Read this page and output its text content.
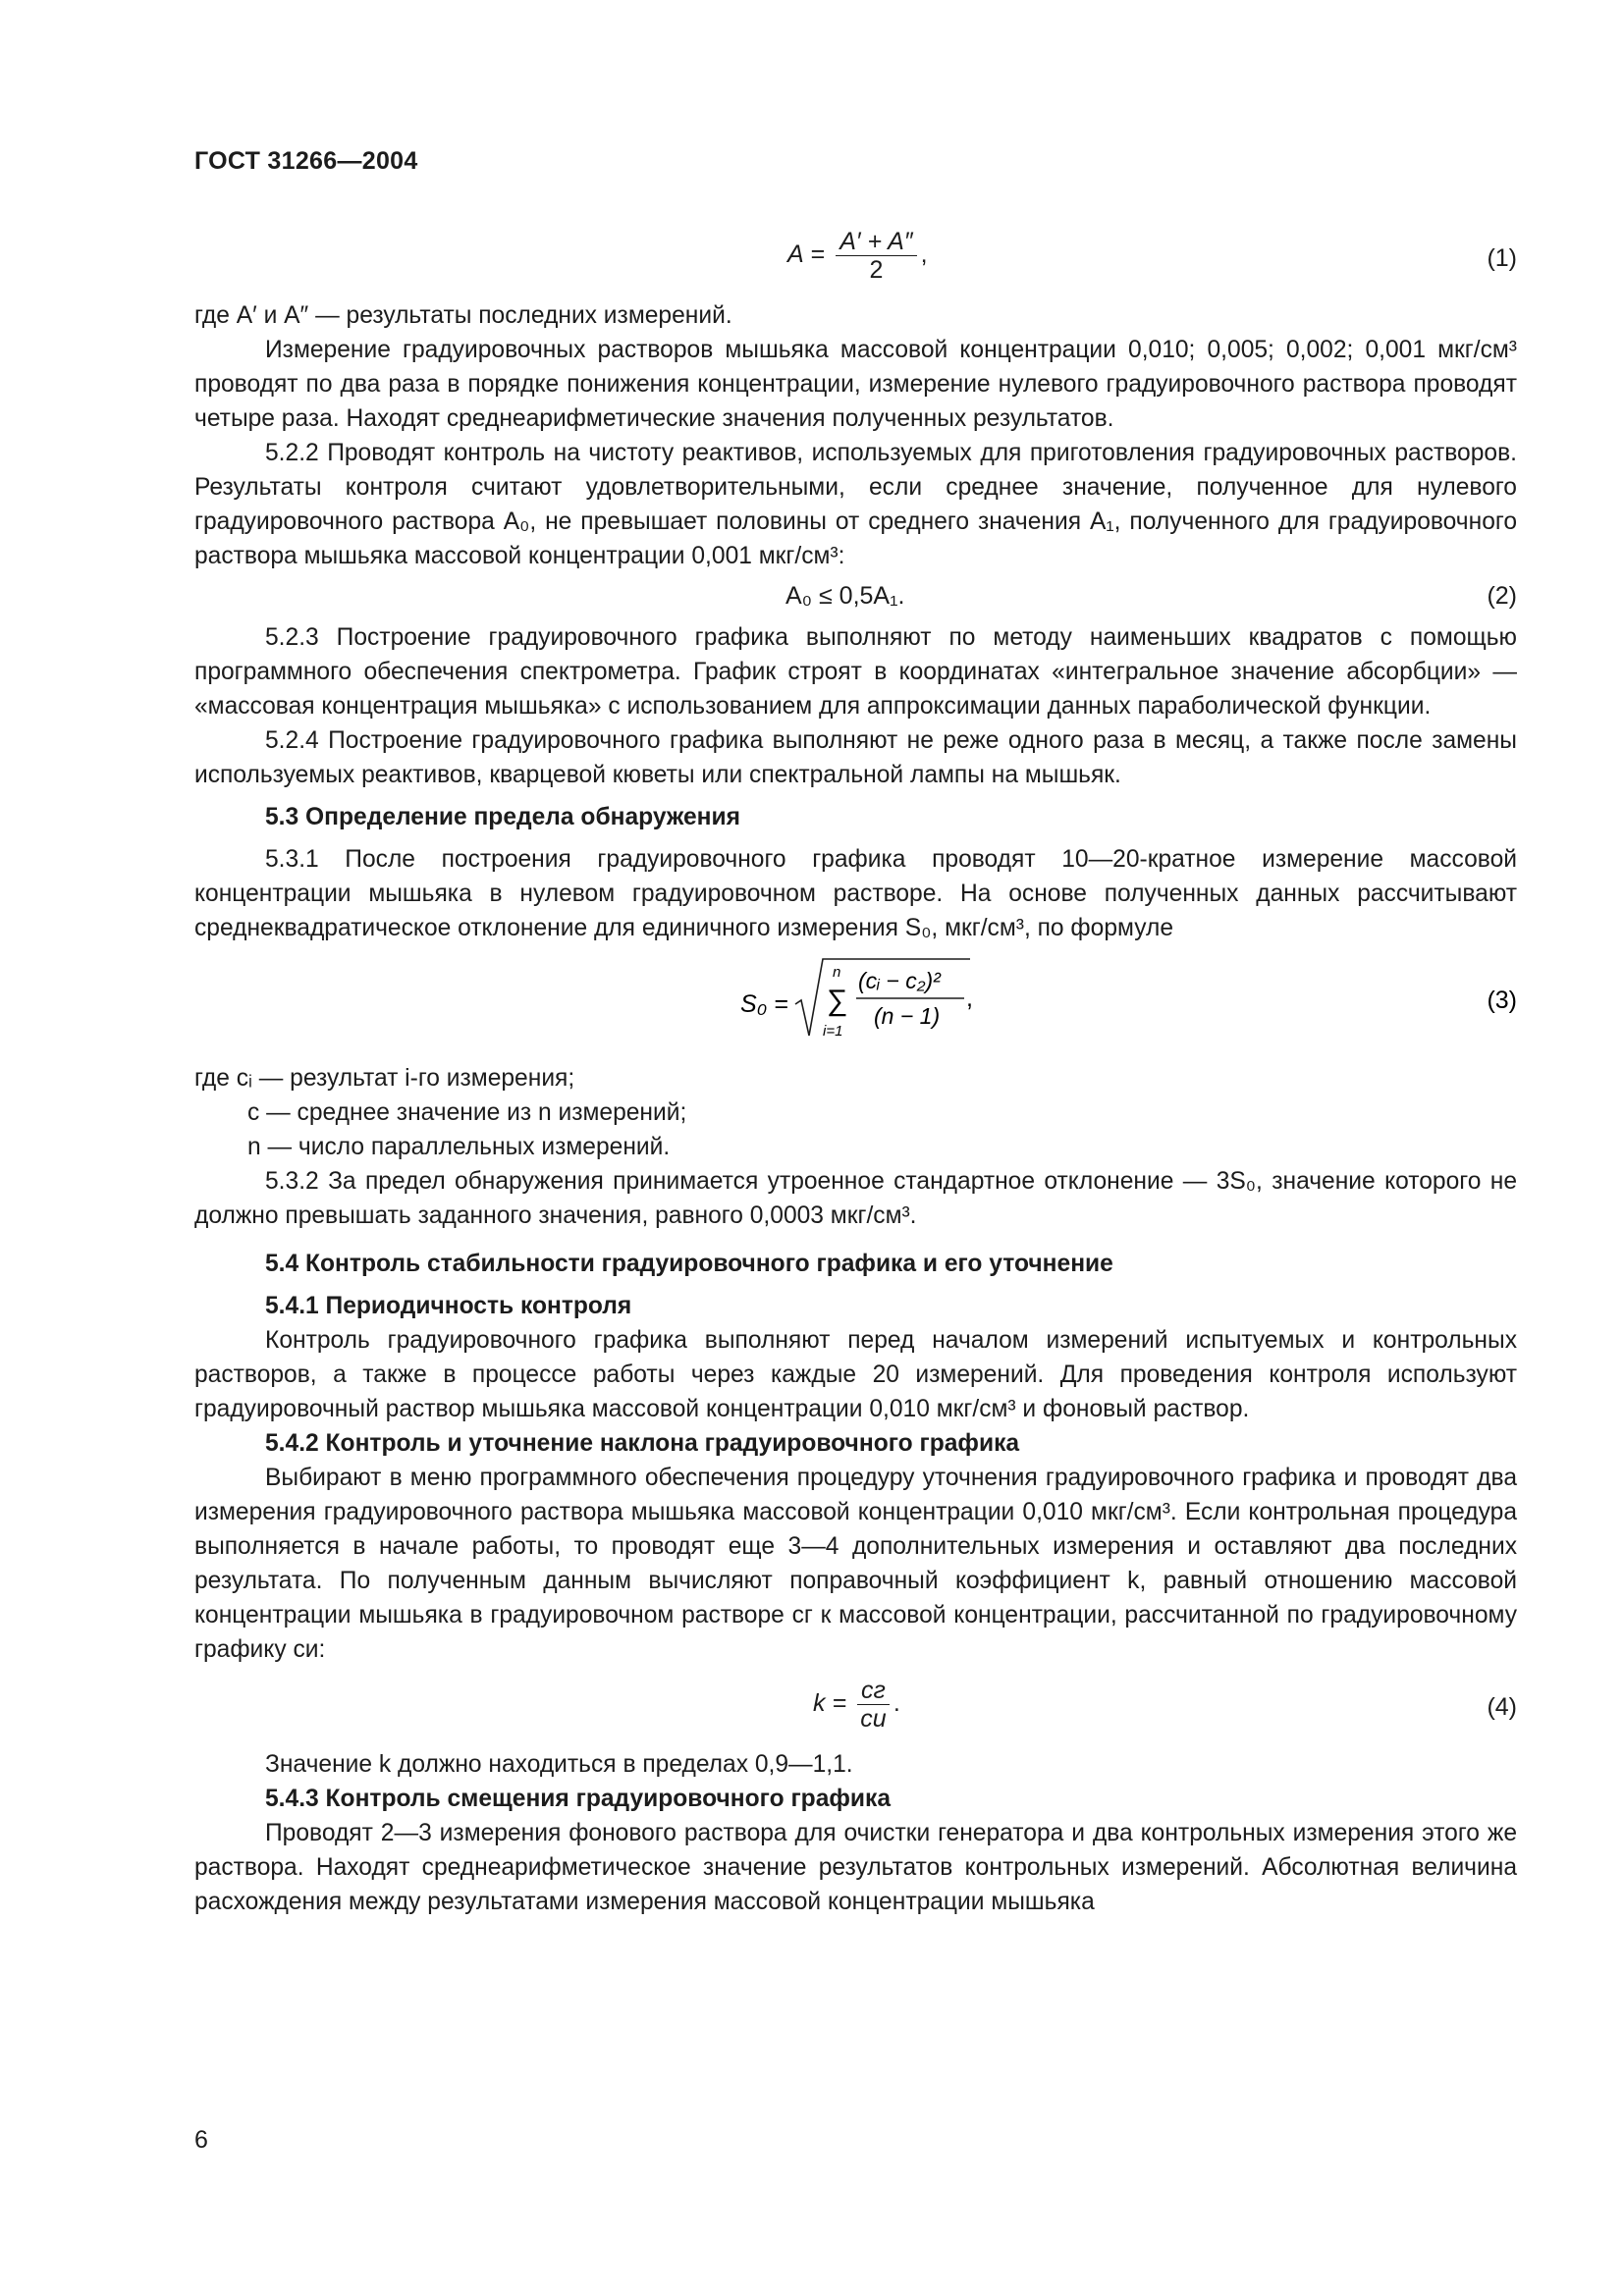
ГОСТ 31266—2004
$A = \frac{A' + A''}{2}$ ,	(1)

где A′ и A″ — результаты последних измерений.

Измерение градуировочных растворов мышьяка массовой концентрации 0,010; 0,005; 0,002; 0,001 мкг/см³ проводят по два раза в порядке понижения концентрации, измерение нулевого градуировочного раствора проводят четыре раза. Находят среднеарифметические значения полученных результатов.

5.2.2 Проводят контроль на чистоту реактивов, используемых для приготовления градуировочных растворов. Результаты контроля считают удовлетворительными, если среднее значение, полученное для нулевого градуировочного раствора A₀, не превышает половины от среднего значения A₁, полученного для градуировочного раствора мышьяка массовой концентрации 0,001 мкг/см³:

A₀ ≤ 0,5A₁.	(2)

5.2.3 Построение градуировочного графика выполняют по методу наименьших квадратов с помощью программного обеспечения спектрометра. График строят в координатах «интегральное значение абсорбции» — «массовая концентрация мышьяка» с использованием для аппроксимации данных параболической функции.

5.2.4 Построение градуировочного графика выполняют не реже одного раза в месяц, а также после замены используемых реактивов, кварцевой кюветы или спектральной лампы на мышьяк.

5.3 Определение предела обнаружения

5.3.1 После построения градуировочного графика проводят 10—20-кратное измерение массовой концентрации мышьяка в нулевом градуировочном растворе. На основе полученных данных рассчитывают среднеквадратическое отклонение для единичного измерения S₀, мкг/см³, по формуле

S₀ =
n
∑
i=1
(cᵢ − c₂)²
(n − 1)
,	(3)

где cᵢ — результат i-го измерения;

c — среднее значение из n измерений;

n — число параллельных измерений.

5.3.2 За предел обнаружения принимается утроенное стандартное отклонение — 3S₀, значение которого не должно превышать заданного значения, равного 0,0003 мкг/см³.

5.4 Контроль стабильности градуировочного графика и его уточнение
5.4.1 Периодичность контроля

Контроль градуировочного графика выполняют перед началом измерений испытуемых и контрольных растворов, а также в процессе работы через каждые 20 измерений. Для проведения контроля используют градуировочный раствор мышьяка массовой концентрации 0,010 мкг/см³ и фоновый раствор.

5.4.2 Контроль и уточнение наклона градуировочного графика

Выбирают в меню программного обеспечения процедуру уточнения градуировочного графика и проводят два измерения градуировочного раствора мышьяка массовой концентрации 0,010 мкг/см³. Если контрольная процедура выполняется в начале работы, то проводят еще 3—4 дополнительных измерения и оставляют два последних результата. По полученным данным вычисляют поправочный коэффициент k, равный отношению массовой концентрации мышьяка в градуировочном растворе cг к массовой концентрации, рассчитанной по градуировочному графику cи:

$k = \frac{cг}{cи}$ .	(4)

Значение k должно находиться в пределах 0,9—1,1.

5.4.3 Контроль смещения градуировочного графика

Проводят 2—3 измерения фонового раствора для очистки генератора и два контрольных измерения этого же раствора. Находят среднеарифметическое значение результатов контрольных измерений. Абсолютная величина расхождения между результатами измерения массовой концентрации мышьяка

6
